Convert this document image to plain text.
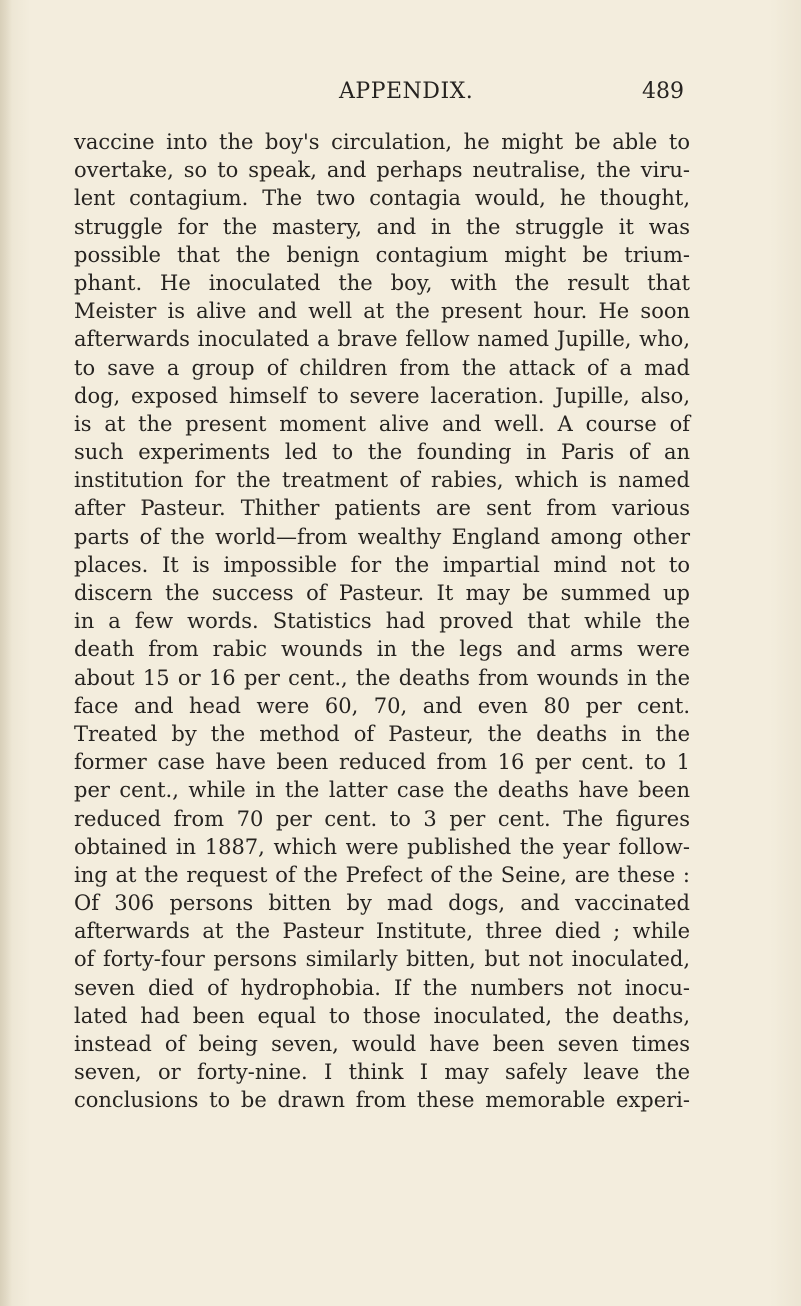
APPENDIX.	489
vaccine into the boy's circulation, he might be able to
overtake, so to speak, and perhaps neutralise, the viru-
lent contagium. The two contagia would, he thought,
struggle for the mastery, and in the struggle it was
possible that the benign contagium might be trium-
phant. He inoculated the boy, with the result that
Meister is alive and well at the present hour. He soon
afterwards inoculated a brave fellow named Jupille, who,
to save a group of children from the attack of a mad
dog, exposed himself to severe laceration. Jupille, also,
is at the present moment alive and well. A course of
such experiments led to the founding in Paris of an
institution for the treatment of rabies, which is named
after Pasteur. Thither patients are sent from various
parts of the world—from wealthy England among other
places. It is impossible for the impartial mind not to
discern the success of Pasteur. It may be summed up
in a few words. Statistics had proved that while the
death from rabic wounds in the legs and arms were
about 15 or 16 per cent., the deaths from wounds in the
face and head were 60, 70, and even 80 per cent.
Treated by the method of Pasteur, the deaths in the
former case have been reduced from 16 per cent. to 1
per cent., while in the latter case the deaths have been
reduced from 70 per cent. to 3 per cent. The figures
obtained in 1887, which were published the year follow-
ing at the request of the Prefect of the Seine, are these :
Of 306 persons bitten by mad dogs, and vaccinated
afterwards at the Pasteur Institute, three died ; while
of forty-four persons similarly bitten, but not inoculated,
seven died of hydrophobia. If the numbers not inocu-
lated had been equal to those inoculated, the deaths,
instead of being seven, would have been seven times
seven, or forty-nine. I think I may safely leave the
conclusions to be drawn from these memorable experi-
